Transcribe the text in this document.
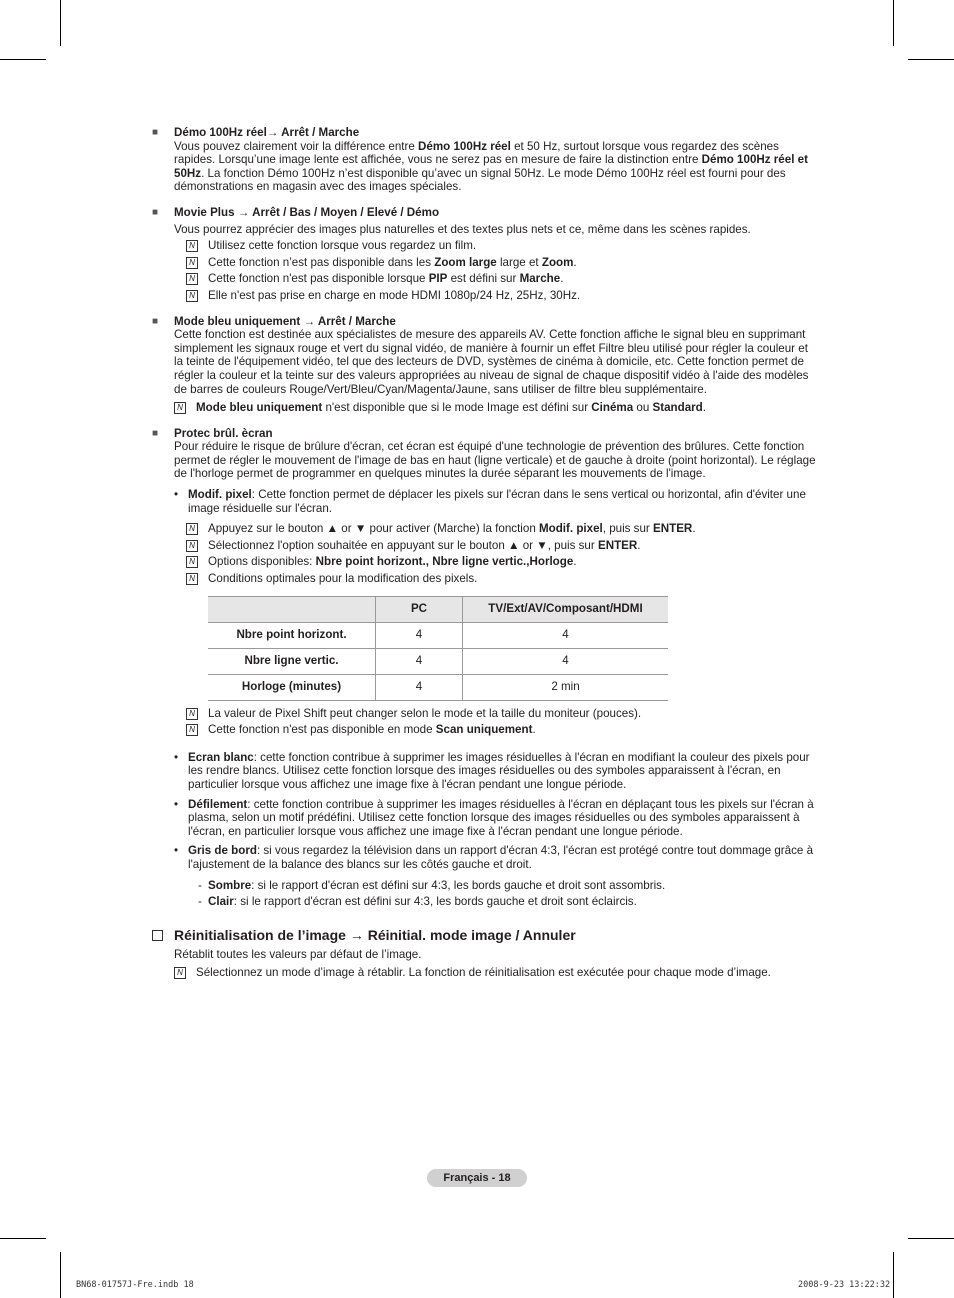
■ Démo 100Hz réel→ Arrêt / Marche

Vous pouvez clairement voir la différence entre Démo 100Hz réel et 50 Hz, surtout lorsque vous regardez des scènes rapides. Lorsqu’une image lente est affichée, vous ne serez pas en mesure de faire la distinction entre Démo 100Hz réel et 50Hz. La fonction Démo 100Hz n’est disponible qu’avec un signal 50Hz. Le mode Démo 100Hz réel est fourni pour des démonstrations en magasin avec des images spéciales.

■ Movie Plus → Arrêt / Bas / Moyen / Elevé / Démo

Vous pourrez apprécier des images plus naturelles et des textes plus nets et ce, même dans les scènes rapides.

N Utilisez cette fonction lorsque vous regardez un film.
N Cette fonction n’est pas disponible dans les Zoom large large et Zoom.
N Cette fonction n'est pas disponible lorsque PIP est défini sur Marche.
N Elle n'est pas prise en charge en mode HDMI 1080p/24 Hz, 25Hz, 30Hz.
■ Mode bleu uniquement → Arrêt / Marche

Cette fonction est destinée aux spécialistes de mesure des appareils AV. Cette fonction affiche le signal bleu en supprimant simplement les signaux rouge et vert du signal vidéo, de manière à fournir un effet Filtre bleu utilisé pour régler la couleur et la teinte de l'équipement vidéo, tel que des lecteurs de DVD, systèmes de cinéma à domicile, etc. Cette fonction permet de régler la couleur et la teinte sur des valeurs appropriées au niveau de signal de chaque dispositif vidéo à l'aide des modèles de barres de couleurs Rouge/Vert/Bleu/Cyan/Magenta/Jaune, sans utiliser de filtre bleu supplémentaire.

N Mode bleu uniquement n'est disponible que si le mode Image est défini sur Cinéma ou Standard.
■ Protec brûl. ècran

Pour réduire le risque de brûlure d'écran, cet écran est équipé d'une technologie de prévention des brûlures. Cette fonction permet de régler le mouvement de l'image de bas en haut (ligne verticale) et de gauche à droite (point horizontal). Le réglage de l'horloge permet de programmer en quelques minutes la durée séparant les mouvements de l'image.

• Modif. pixel: Cette fonction permet de déplacer les pixels sur l'écran dans le sens vertical ou horizontal, afin d'éviter une image résiduelle sur l'écran.
N Appuyez sur le bouton ▲ or ▼ pour activer (Marche) la fonction Modif. pixel, puis sur ENTER.
N Sélectionnez l'option souhaitée en appuyant sur le bouton ▲ or ▼, puis sur ENTER.
N Options disponibles: Nbre point horizont., Nbre ligne vertic.,Horloge.
N Conditions optimales pour la modification des pixels.
	PC	TV/Ext/AV/Composant/HDMI
Nbre point horizont.	4	4
Nbre ligne vertic.	4	4
Horloge (minutes)	4	2 min
N La valeur de Pixel Shift peut changer selon le mode et la taille du moniteur (pouces).
N Cette fonction n'est pas disponible en mode Scan uniquement.
• Ecran blanc: cette fonction contribue à supprimer les images résiduelles à l'écran en modifiant la couleur des pixels pour les rendre blancs. Utilisez cette fonction lorsque des images résiduelles ou des symboles apparaissent à l'écran, en particulier lorsque vous affichez une image fixe à l'écran pendant une longue période.
• Défilement: cette fonction contribue à supprimer les images résiduelles à l'écran en déplaçant tous les pixels sur l'écran à plasma, selon un motif prédéfini. Utilisez cette fonction lorsque des images résiduelles ou des symboles apparaissent à l'écran, en particulier lorsque vous affichez une image fixe à l'écran pendant une longue période.
• Gris de bord: si vous regardez la télévision dans un rapport d'écran 4:3, l'écran est protégé contre tout dommage grâce à l'ajustement de la balance des blancs sur les côtés gauche et droit.
- Sombre: si le rapport d'écran est défini sur 4:3, les bords gauche et droit sont assombris.
- Clair: si le rapport d'écran est défini sur 4:3, les bords gauche et droit sont éclaircis.
Réinitialisation de l’image → Réinitial. mode image / Annuler

Rétablit toutes les valeurs par défaut de l’image.

N Sélectionnez un mode d’image à rétablir. La fonction de réinitialisation est exécutée pour chaque mode d’image.
Français - 18
BN68-01757J-Fre.indb 18	2008-9-23 13:22:32
